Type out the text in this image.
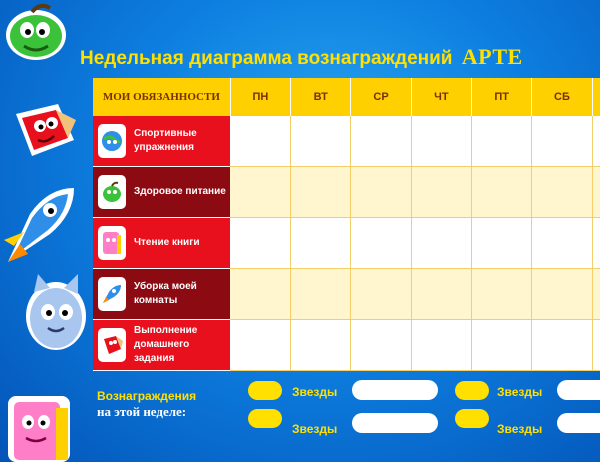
Недельная диаграмма вознаграждений АРТЕ
МОИ ОБЯЗАННОСТИ	ПН	ВТ	СР	ЧТ	ПТ	СБ	

Спортивные упражнения							

Здоровое питание							

Чтение книги							

Уборка моей комнаты							

Выполнение домашнего задания							

Вознаграждения
на этой неделе:
Звезды
Звезды
Звезды
Звезды
